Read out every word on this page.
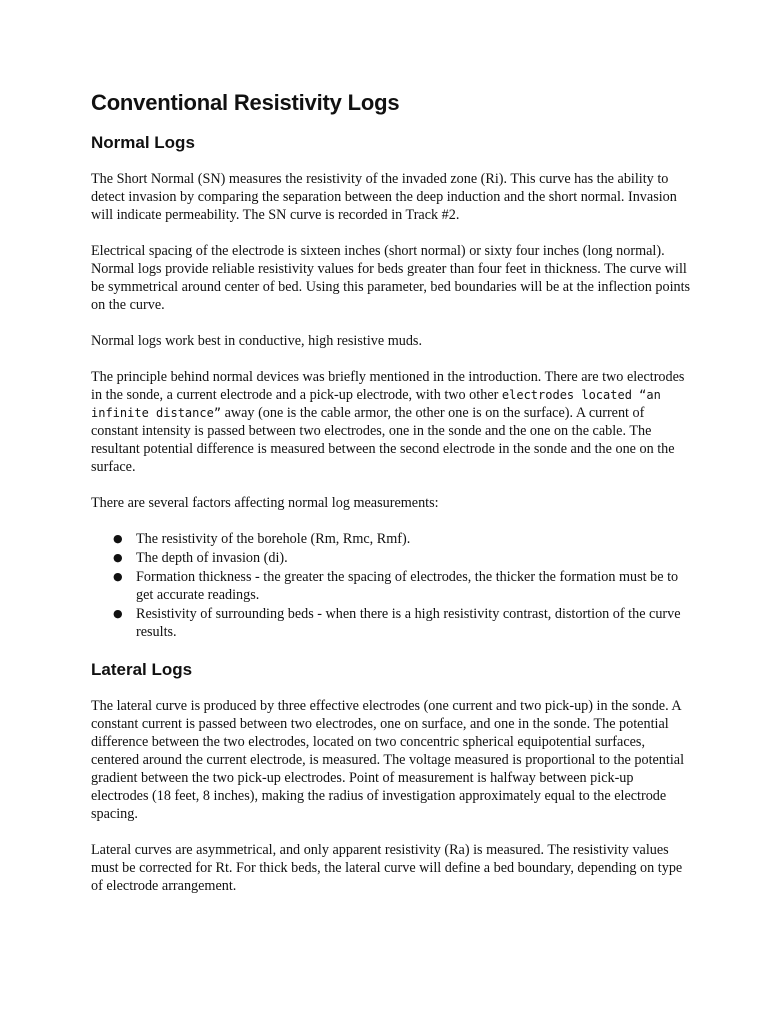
Conventional Resistivity Logs
Normal Logs

The Short Normal (SN) measures the resistivity of the invaded zone (Ri). This curve has the ability to detect invasion by comparing the separation between the deep induction and the short normal. Invasion will indicate permeability. The SN curve is recorded in Track #2.

Electrical spacing of the electrode is sixteen inches (short normal) or sixty four inches (long normal). Normal logs provide reliable resistivity values for beds greater than four feet in thickness. The curve will be symmetrical around center of bed. Using this parameter, bed boundaries will be at the inflection points on the curve.

Normal logs work best in conductive, high resistive muds.

The principle behind normal devices was briefly mentioned in the introduction. There are two electrodes in the sonde, a current electrode and a pick-up electrode, with two other electrodes located “an infinite distance” away (one is the cable armor, the other one is on the surface). A current of constant intensity is passed between two electrodes, one in the sonde and the one on the cable. The resultant potential difference is measured between the second electrode in the sonde and the one on the surface.

There are several factors affecting normal log measurements:

● The resistivity of the borehole (Rm, Rmc, Rmf).
● The depth of invasion (di).
● Formation thickness - the greater the spacing of electrodes, the thicker the formation must be to get accurate readings.
● Resistivity of surrounding beds - when there is a high resistivity contrast, distortion of the curve results.
Lateral Logs

The lateral curve is produced by three effective electrodes (one current and two pick-up) in the sonde. A constant current is passed between two electrodes, one on surface, and one in the sonde. The potential difference between the two electrodes, located on two concentric spherical equipotential surfaces, centered around the current electrode, is measured. The voltage measured is proportional to the potential gradient between the two pick-up electrodes. Point of measurement is halfway between pick-up electrodes (18 feet, 8 inches), making the radius of investigation approximately equal to the electrode spacing.

Lateral curves are asymmetrical, and only apparent resistivity (Ra) is measured. The resistivity values must be corrected for Rt. For thick beds, the lateral curve will define a bed boundary, depending on type of electrode arrangement.
